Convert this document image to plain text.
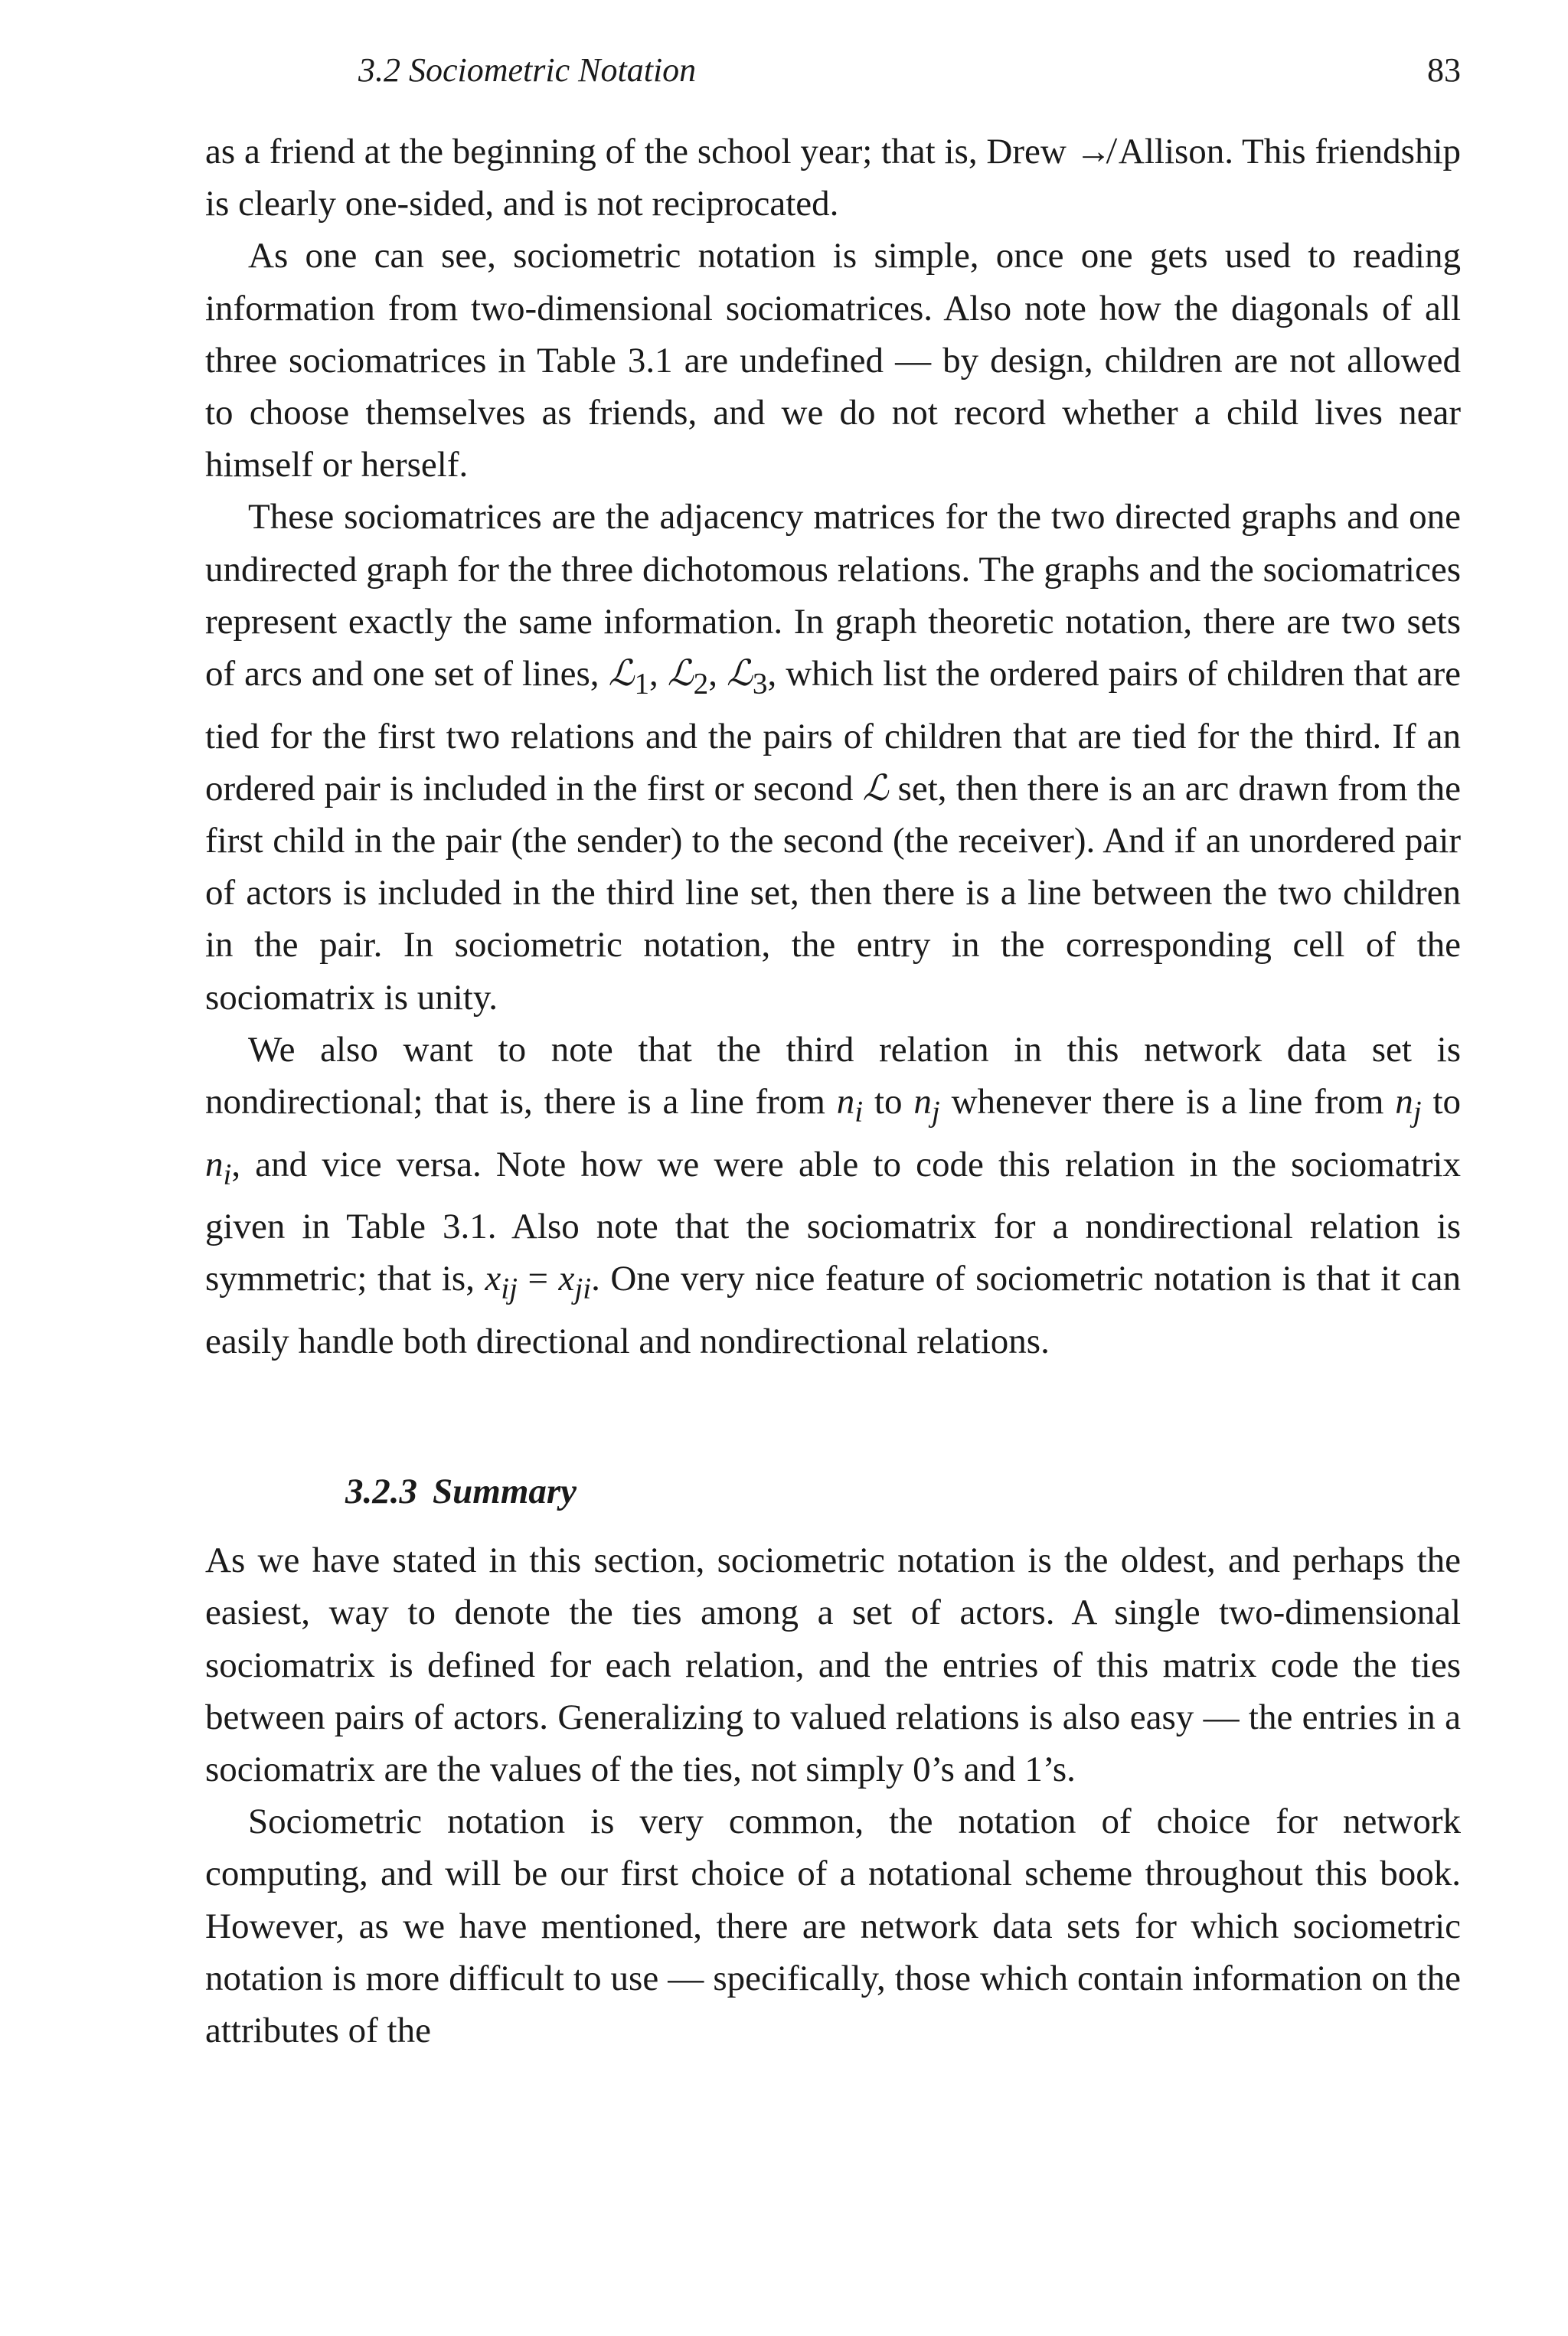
3.2 Sociometric Notation	83

as a friend at the beginning of the school year; that is, Drew ↛ Allison. This friendship is clearly one-sided, and is not reciprocated.

As one can see, sociometric notation is simple, once one gets used to reading information from two-dimensional sociomatrices. Also note how the diagonals of all three sociomatrices in Table 3.1 are undefined — by design, children are not allowed to choose themselves as friends, and we do not record whether a child lives near himself or herself.

These sociomatrices are the adjacency matrices for the two directed graphs and one undirected graph for the three dichotomous relations. The graphs and the sociomatrices represent exactly the same information. In graph theoretic notation, there are two sets of arcs and one set of lines, ℒ$_1$, ℒ$_2$, ℒ$_3$, which list the ordered pairs of children that are tied for the first two relations and the pairs of children that are tied for the third. If an ordered pair is included in the first or second ℒ set, then there is an arc drawn from the first child in the pair (the sender) to the second (the receiver). And if an unordered pair of actors is included in the third line set, then there is a line between the two children in the pair. In sociometric notation, the entry in the corresponding cell of the sociomatrix is unity.

We also want to note that the third relation in this network data set is nondirectional; that is, there is a line from $n_i$ to $n_j$ whenever there is a line from $n_j$ to $n_i$, and vice versa. Note how we were able to code this relation in the sociomatrix given in Table 3.1. Also note that the sociomatrix for a nondirectional relation is symmetric; that is, $x_{ij} = x_{ji}$. One very nice feature of sociometric notation is that it can easily handle both directional and nondirectional relations.

3.2.3 Summary

As we have stated in this section, sociometric notation is the oldest, and perhaps the easiest, way to denote the ties among a set of actors. A single two-dimensional sociomatrix is defined for each relation, and the entries of this matrix code the ties between pairs of actors. Generalizing to valued relations is also easy — the entries in a sociomatrix are the values of the ties, not simply 0’s and 1’s.

Sociometric notation is very common, the notation of choice for network computing, and will be our first choice of a notational scheme throughout this book. However, as we have mentioned, there are network data sets for which sociometric notation is more difficult to use — specifically, those which contain information on the attributes of the
